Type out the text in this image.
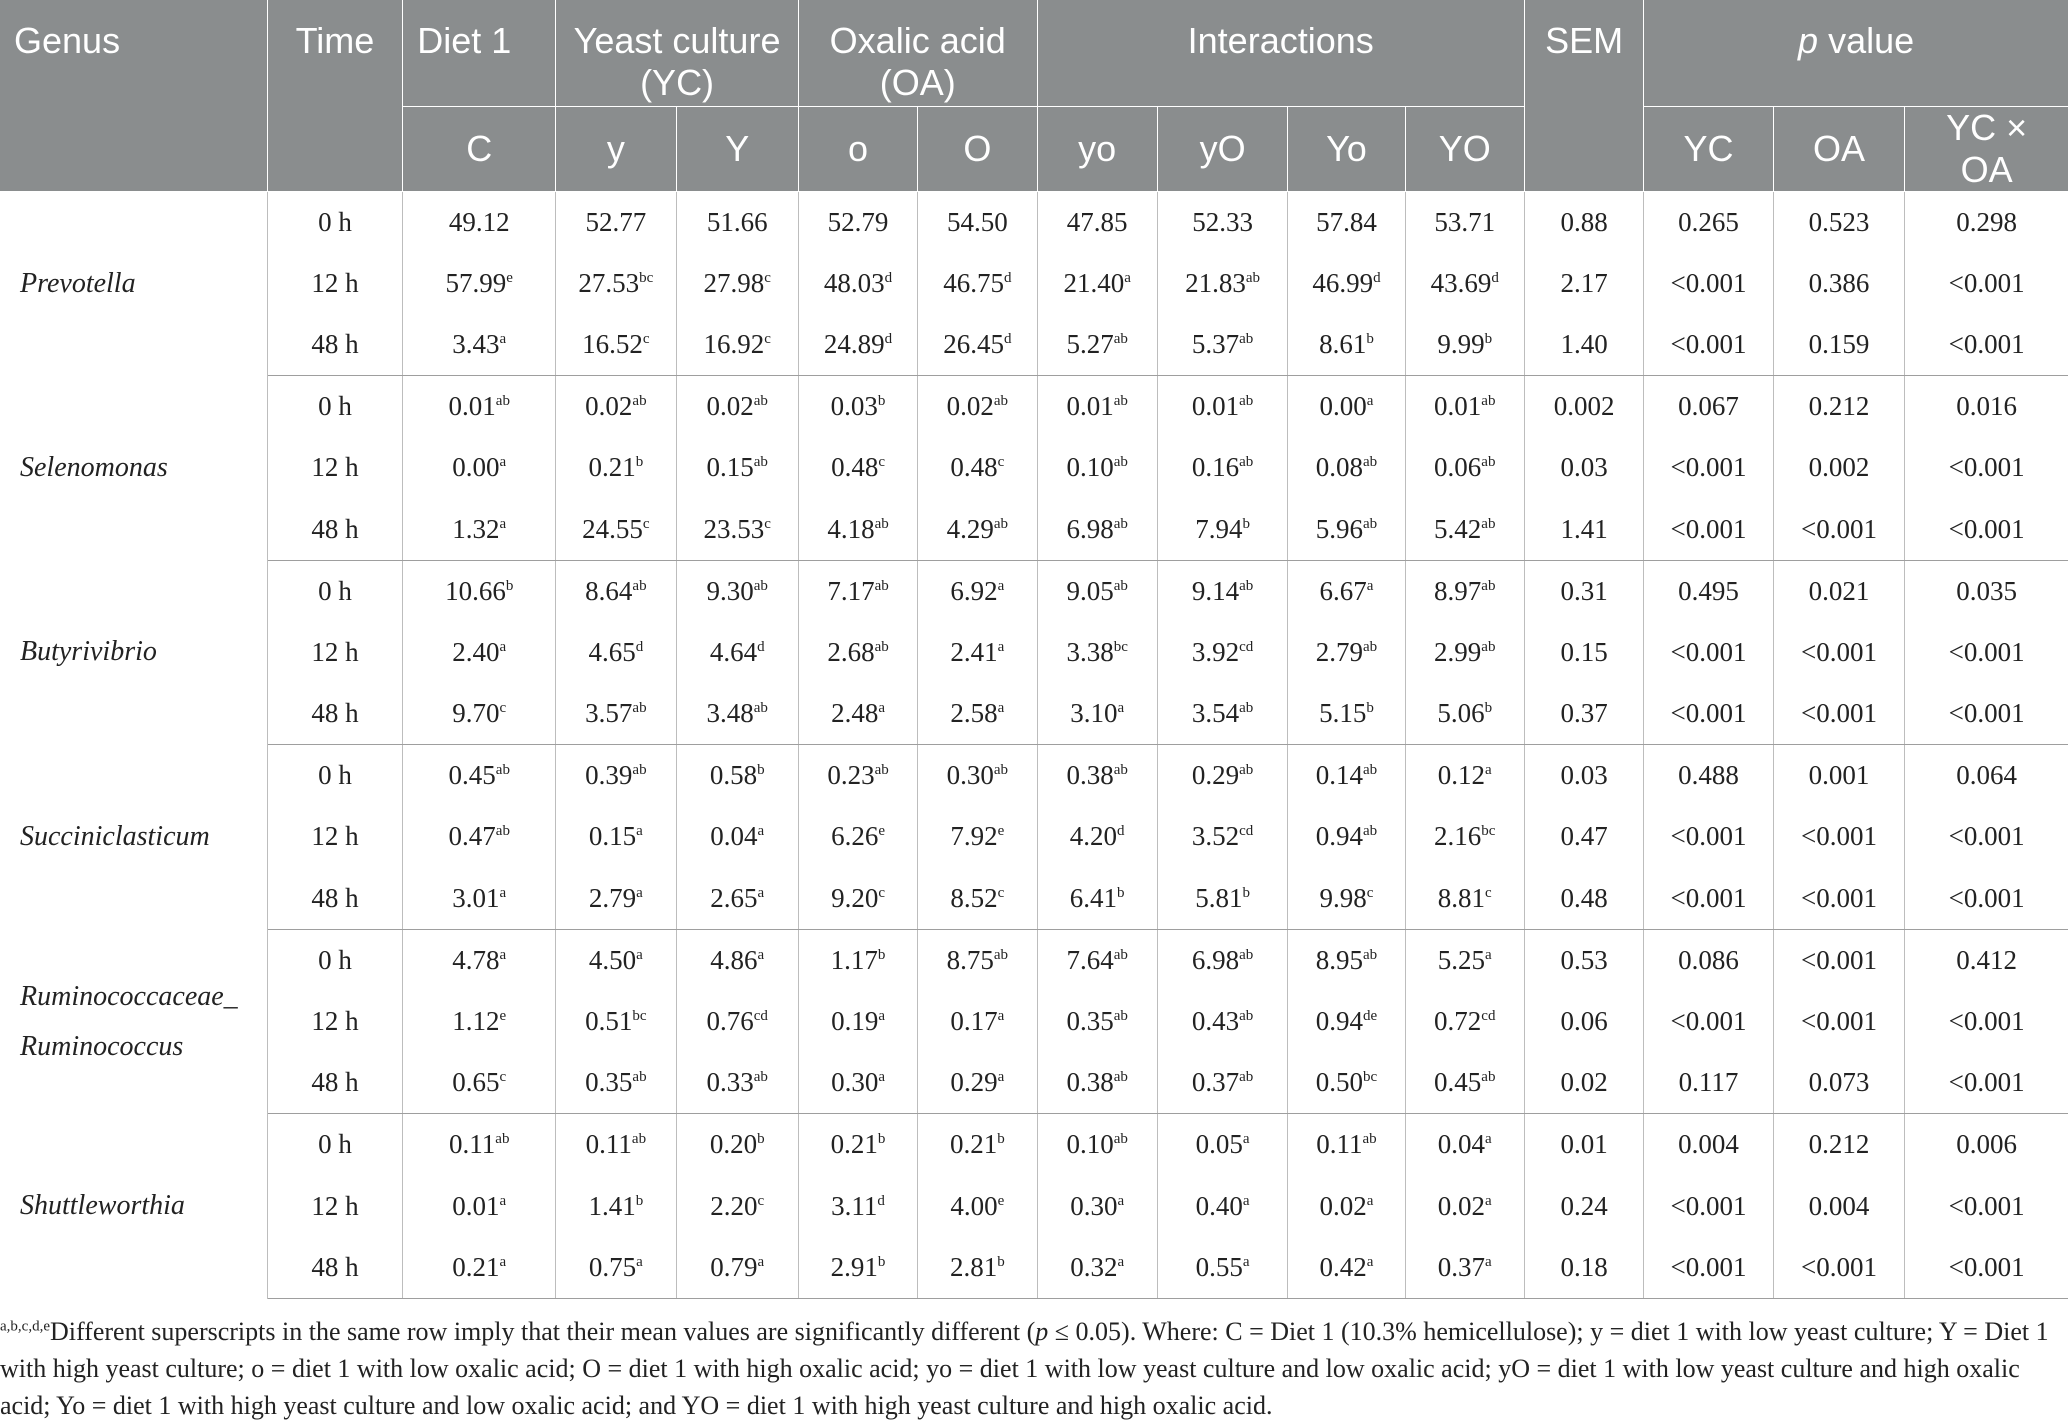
Genus	Time	Diet 1	Yeast culture (YC)		Oxalic acid (OA)		Interactions				SEM	p value		
		C	y	Y	o	O	yo	yO	Yo	YO		YC	OA	YC × OA
Prevotella	0 h	49.12	52.77	51.66	52.79	54.50	47.85	52.33	57.84	53.71	0.88	0.265	0.523	0.298
	12 h	57.99e	27.53$^{bc}$	27.98$^c$	48.03$^d$	46.75$^d$	21.40$^a$	21.83$^{ab}$	46.99$^d$	43.69$^d$	2.17	<0.001	0.386	<0.001
	48 h	3.43$^a$	16.52$^c$	16.92$^c$	24.89$^d$	26.45$^d$	5.27$^{ab}$	5.37$^{ab}$	8.61$^b$	9.99$^b$	1.40	<0.001	0.159	<0.001
Selenomonas	0 h	0.01$^{ab}$	0.02$^{ab}$	0.02$^{ab}$	0.03$^b$	0.02$^{ab}$	0.01$^{ab}$	0.01$^{ab}$	0.00$^a$	0.01$^{ab}$	0.002	0.067	0.212	0.016
	12 h	0.00$^a$	0.21$^b$	0.15$^{ab}$	0.48$^c$	0.48$^c$	0.10$^{ab}$	0.16$^{ab}$	0.08$^{ab}$	0.06$^{ab}$	0.03	<0.001	0.002	<0.001
	48 h	1.32$^a$	24.55$^c$	23.53$^c$	4.18$^{ab}$	4.29$^{ab}$	6.98$^{ab}$	7.94$^b$	5.96$^{ab}$	5.42$^{ab}$	1.41	<0.001	<0.001	<0.001
Butyrivibrio	0 h	10.66$^b$	8.64$^{ab}$	9.30$^{ab}$	7.17$^{ab}$	6.92$^a$	9.05$^{ab}$	9.14$^{ab}$	6.67$^a$	8.97$^{ab}$	0.31	0.495	0.021	0.035
	12 h	2.40$^a$	4.65$^d$	4.64$^d$	2.68$^{ab}$	2.41$^a$	3.38$^{bc}$	3.92$^{cd}$	2.79$^{ab}$	2.99$^{ab}$	0.15	<0.001	<0.001	<0.001
	48 h	9.70$^c$	3.57$^{ab}$	3.48$^{ab}$	2.48$^a$	2.58$^a$	3.10$^a$	3.54$^{ab}$	5.15$^b$	5.06$^b$	0.37	<0.001	<0.001	<0.001
Succiniclasticum	0 h	0.45$^{ab}$	0.39$^{ab}$	0.58$^b$	0.23$^{ab}$	0.30$^{ab}$	0.38$^{ab}$	0.29$^{ab}$	0.14$^{ab}$	0.12$^a$	0.03	0.488	0.001	0.064
	12 h	0.47$^{ab}$	0.15$^a$	0.04$^a$	6.26e	7.92e	4.20$^d$	3.52$^{cd}$	0.94$^{ab}$	2.16$^{bc}$	0.47	<0.001	<0.001	<0.001
	48 h	3.01$^a$	2.79$^a$	2.65$^a$	9.20$^c$	8.52$^c$	6.41$^b$	5.81$^b$	9.98$^c$	8.81$^c$	0.48	<0.001	<0.001	<0.001
Ruminococcaceae_ Ruminococcus	0 h	4.78$^a$	4.50$^a$	4.86$^a$	1.17$^b$	8.75$^{ab}$	7.64$^{ab}$	6.98$^{ab}$	8.95$^{ab}$	5.25$^a$	0.53	0.086	<0.001	0.412
	12 h	1.12e	0.51$^{bc}$	0.76$^{cd}$	0.19$^a$	0.17$^a$	0.35$^{ab}$	0.43$^{ab}$	0.94de	0.72$^{cd}$	0.06	<0.001	<0.001	<0.001
	48 h	0.65$^c$	0.35$^{ab}$	0.33$^{ab}$	0.30$^a$	0.29$^a$	0.38$^{ab}$	0.37$^{ab}$	0.50$^{bc}$	0.45$^{ab}$	0.02	0.117	0.073	<0.001
Shuttleworthia	0 h	0.11$^{ab}$	0.11$^{ab}$	0.20$^b$	0.21$^b$	0.21$^b$	0.10$^{ab}$	0.05$^a$	0.11$^{ab}$	0.04$^a$	0.01	0.004	0.212	0.006
	12 h	0.01$^a$	1.41$^b$	2.20$^c$	3.11$^d$	4.00e	0.30$^a$	0.40$^a$	0.02$^a$	0.02$^a$	0.24	<0.001	0.004	<0.001
	48 h	0.21$^a$	0.75$^a$	0.79$^a$	2.91$^b$	2.81$^b$	0.32$^a$	0.55$^a$	0.42$^a$	0.37$^a$	0.18	<0.001	<0.001	<0.001
$^{a,b,c,d,e}$Different superscripts in the same row imply that their mean values are significantly different (p ≤ 0.05). Where: C = Diet 1 (10.3% hemicellulose); y = diet 1 with low yeast culture; Y = Diet 1 with high yeast culture; o = diet 1 with low oxalic acid; O = diet 1 with high oxalic acid; yo = diet 1 with low yeast culture and low oxalic acid; yO = diet 1 with low yeast culture and high oxalic acid; Yo = diet 1 with high yeast culture and low oxalic acid; and YO = diet 1 with high yeast culture and high oxalic acid.
